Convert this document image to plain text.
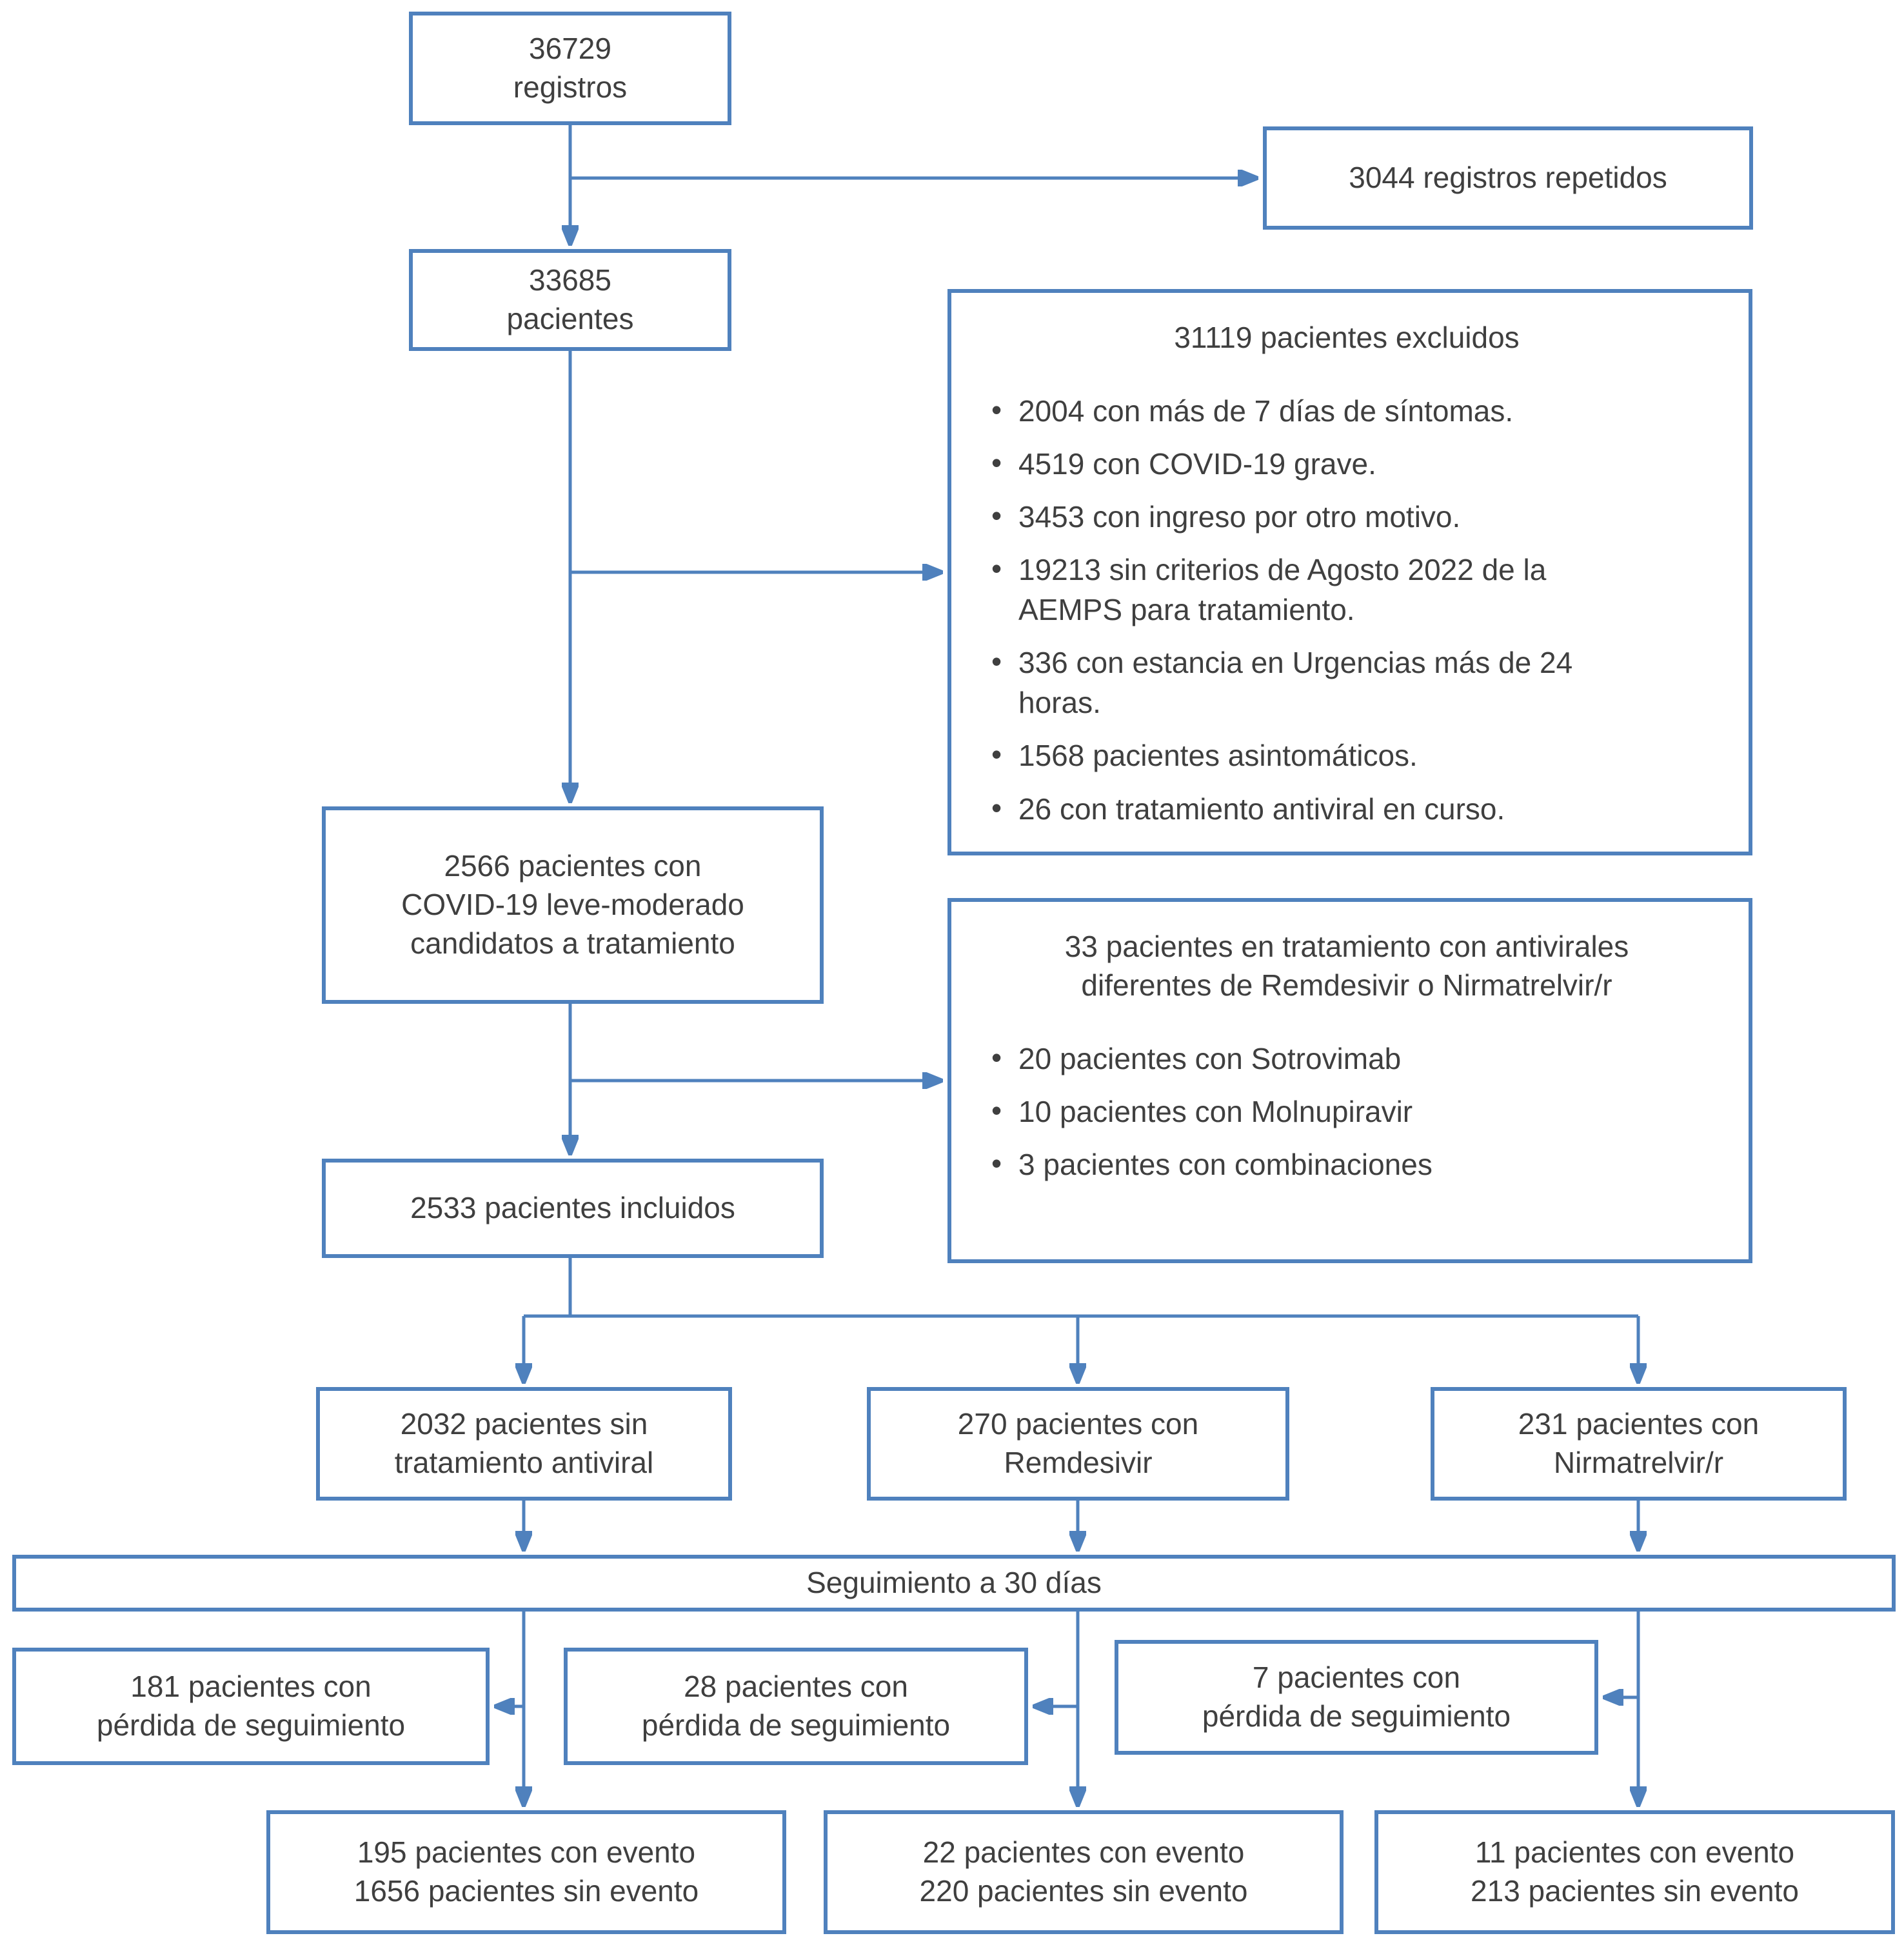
36729
registros
3044 registros repetidos
33685
pacientes
31119 pacientes excluidos
• 2004 con más de 7 días de síntomas.
• 4519 con COVID-19 grave.
• 3453 con ingreso por otro motivo.
• 19213 sin criterios de Agosto 2022 de la AEMPS para tratamiento.
• 336 con estancia en Urgencias más de 24 horas.
• 1568 pacientes asintomáticos.
• 26 con tratamiento antiviral en curso.
2566 pacientes con
COVID-19 leve-moderado
candidatos a tratamiento	33 pacientes en tratamiento con antivirales
diferentes de Remdesivir o Nirmatrelvir/r
• 20 pacientes con Sotrovimab
• 10 pacientes con Molnupiravir
• 3 pacientes con combinaciones
2533 pacientes incluidos
2032 pacientes sin
tratamiento antiviral
270 pacientes con
Remdesivir
231 pacientes con
Nirmatrelvir/r
Seguimiento a 30 días
181 pacientes con
pérdida de seguimiento
28 pacientes con
pérdida de seguimiento
7 pacientes con
pérdida de seguimiento
195 pacientes con evento
1656 pacientes sin evento
22 pacientes con evento
220 pacientes sin evento
11 pacientes con evento
213 pacientes sin evento
